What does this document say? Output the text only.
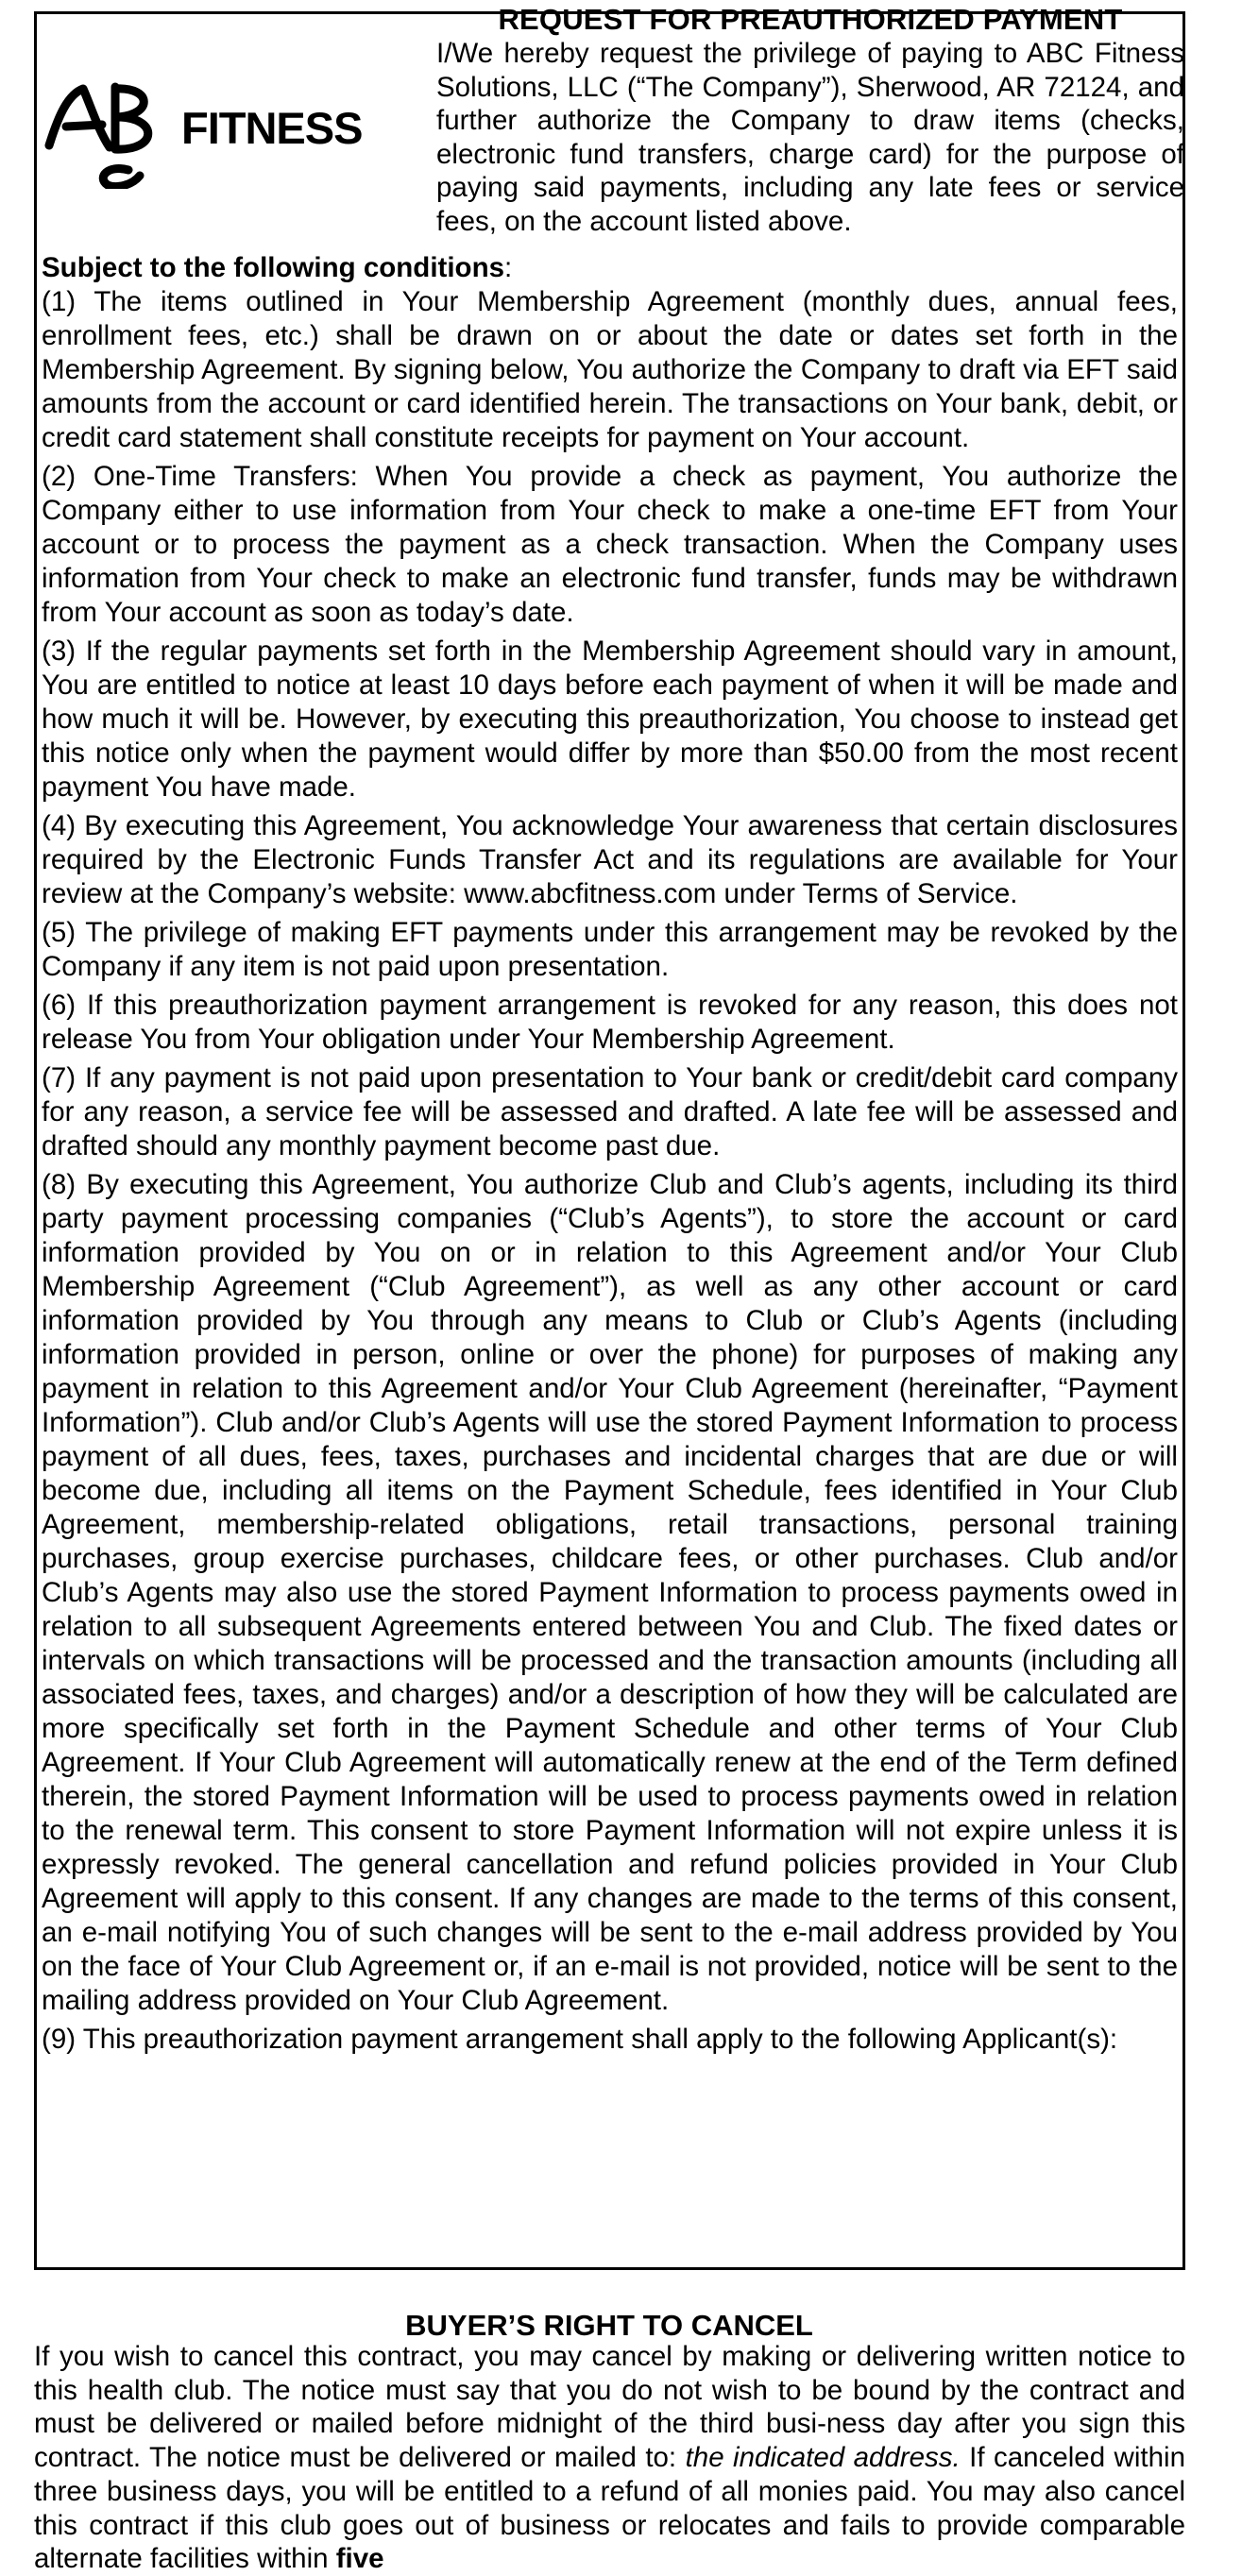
FITNESS
REQUEST FOR PREAUTHORIZED PAYMENT
I/We hereby request the privilege of paying to ABC Fitness Solutions, LLC (“The Company”), Sherwood, AR 72124, and further authorize the Company to draw items (checks, electronic fund transfers, charge card) for the purpose of paying said payments, including any late fees or service fees, on the account listed above.

Subject to the following conditions:

(1) The items outlined in Your Membership Agreement (monthly dues, annual fees, enrollment fees, etc.) shall be drawn on or about the date or dates set forth in the Membership Agreement. By signing below, You authorize the Company to draft via EFT said amounts from the account or card identified herein. The transactions on Your bank, debit, or credit card statement shall constitute receipts for payment on Your account.

(2) One-Time Transfers: When You provide a check as payment, You authorize the Company either to use information from Your check to make a one-time EFT from Your account or to process the payment as a check transaction. When the Company uses information from Your check to make an electronic fund transfer, funds may be withdrawn from Your account as soon as today’s date.

(3) If the regular payments set forth in the Membership Agreement should vary in amount, You are entitled to notice at least 10 days before each payment of when it will be made and how much it will be. However, by executing this preauthorization, You choose to instead get this notice only when the payment would differ by more than $50.00 from the most recent payment You have made.

(4) By executing this Agreement, You acknowledge Your awareness that certain disclosures required by the Electronic Funds Transfer Act and its regulations are available for Your review at the Company’s website: www.abcfitness.com under Terms of Service.

(5) The privilege of making EFT payments under this arrangement may be revoked by the Company if any item is not paid upon presentation.

(6) If this preauthorization payment arrangement is revoked for any reason, this does not release You from Your obligation under Your Membership Agreement.

(7) If any payment is not paid upon presentation to Your bank or credit/debit card company for any reason, a service fee will be assessed and drafted. A late fee will be assessed and drafted should any monthly payment become past due.

(8) By executing this Agreement, You authorize Club and Club’s agents, including its third party payment processing companies (“Club’s Agents”), to store the account or card information provided by You on or in relation to this Agreement and/or Your Club Membership Agreement (“Club Agreement”), as well as any other account or card information provided by You through any means to Club or Club’s Agents (including information provided in person, online or over the phone) for purposes of making any payment in relation to this Agreement and/or Your Club Agreement (hereinafter, “Payment Information”). Club and/or Club’s Agents will use the stored Payment Information to process payment of all dues, fees, taxes, purchases and incidental charges that are due or will become due, including all items on the Payment Schedule, fees identified in Your Club Agreement, membership-related obligations, retail transactions, personal training purchases, group exercise purchases, childcare fees, or other purchases. Club and/or Club’s Agents may also use the stored Payment Information to process payments owed in relation to all subsequent Agreements entered between You and Club. The fixed dates or intervals on which transactions will be processed and the transaction amounts (including all associated fees, taxes, and charges) and/or a description of how they will be calculated are more specifically set forth in the Payment Schedule and other terms of Your Club Agreement. If Your Club Agreement will automatically renew at the end of the Term defined therein, the stored Payment Information will be used to process payments owed in relation to the renewal term. This consent to store Payment Information will not expire unless it is expressly revoked. The general cancellation and refund policies provided in Your Club Agreement will apply to this consent. If any changes are made to the terms of this consent, an e-mail notifying You of such changes will be sent to the e-mail address provided by You on the face of Your Club Agreement or, if an e-mail is not provided, notice will be sent to the mailing address provided on Your Club Agreement.

(9) This preauthorization payment arrangement shall apply to the following Applicant(s):

BUYER’S RIGHT TO CANCEL
If you wish to cancel this contract, you may cancel by making or delivering written notice to this health club. The notice must say that you do not wish to be bound by the contract and must be delivered or mailed before midnight of the third busi-ness day after you sign this contract. The notice must be delivered or mailed to: the indicated address. If canceled within three business days, you will be entitled to a refund of all monies paid. You may also cancel this contract if this club goes out of business or relocates and fails to provide comparable alternate facilities within five
